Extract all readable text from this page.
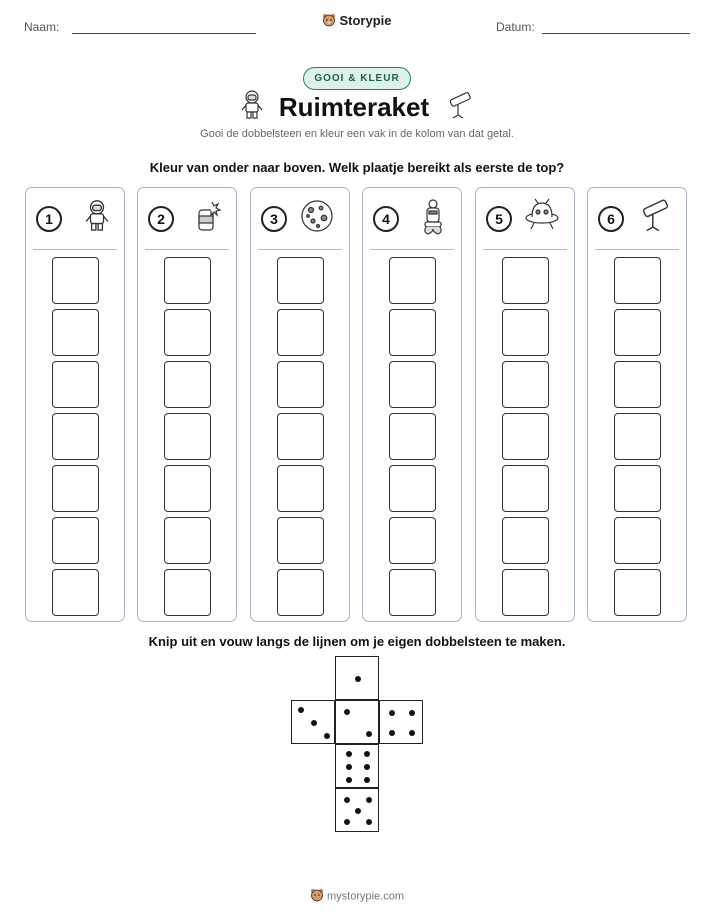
Naam:	Storypie	Datum:
GOOI & KLEUR
Ruimteraket
Gooi de dobbelsteen en kleur een vak in de kolom van dat getal.
Kleur van onder naar boven. Welk plaatje bereikt als eerste de top?
1	2	3	4	5	6
Knip uit en vouw langs de lijnen om je eigen dobbelsteen te maken.
mystorypie.com
